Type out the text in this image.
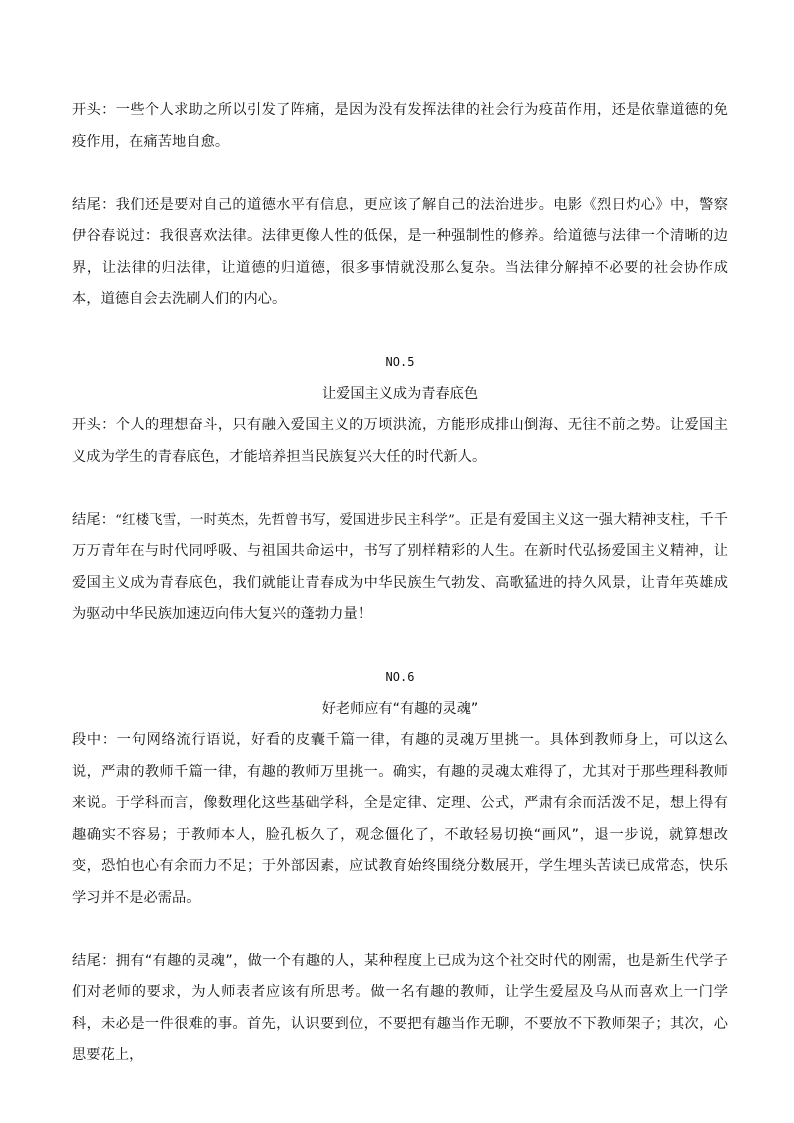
开头：一些个人求助之所以引发了阵痛，是因为没有发挥法律的社会行为疫苗作用，还是依靠道德的免疫作用，在痛苦地自愈。

结尾：我们还是要对自己的道德水平有信息，更应该了解自己的法治进步。电影《烈日灼心》中，警察伊谷春说过：我很喜欢法律。法律更像人性的低保，是一种强制性的修养。给道德与法律一个清晰的边界，让法律的归法律，让道德的归道德，很多事情就没那么复杂。当法律分解掉不必要的社会协作成本，道德自会去洗刷人们的内心。

NO.5

让爱国主义成为青春底色

开头：个人的理想奋斗，只有融入爱国主义的万顷洪流，方能形成排山倒海、无往不前之势。让爱国主义成为学生的青春底色，才能培养担当民族复兴大任的时代新人。

结尾：“红楼飞雪，一时英杰，先哲曾书写，爱国进步民主科学”。正是有爱国主义这一强大精神支柱，千千万万青年在与时代同呼吸、与祖国共命运中，书写了别样精彩的人生。在新时代弘扬爱国主义精神，让爱国主义成为青春底色，我们就能让青春成为中华民族生气勃发、高歌猛进的持久风景，让青年英雄成为驱动中华民族加速迈向伟大复兴的蓬勃力量！

NO.6

好老师应有“有趣的灵魂”

段中：一句网络流行语说，好看的皮囊千篇一律，有趣的灵魂万里挑一。具体到教师身上，可以这么说，严肃的教师千篇一律，有趣的教师万里挑一。确实，有趣的灵魂太难得了，尤其对于那些理科教师来说。于学科而言，像数理化这些基础学科，全是定律、定理、公式，严肃有余而活泼不足，想上得有趣确实不容易；于教师本人，脸孔板久了，观念僵化了，不敢轻易切换“画风”，退一步说，就算想改变，恐怕也心有余而力不足；于外部因素，应试教育始终围绕分数展开，学生埋头苦读已成常态，快乐学习并不是必需品。

结尾：拥有“有趣的灵魂”，做一个有趣的人，某种程度上已成为这个社交时代的刚需，也是新生代学子们对老师的要求，为人师表者应该有所思考。做一名有趣的教师，让学生爱屋及乌从而喜欢上一门学科，未必是一件很难的事。首先，认识要到位，不要把有趣当作无聊，不要放不下教师架子；其次，心思要花上，
